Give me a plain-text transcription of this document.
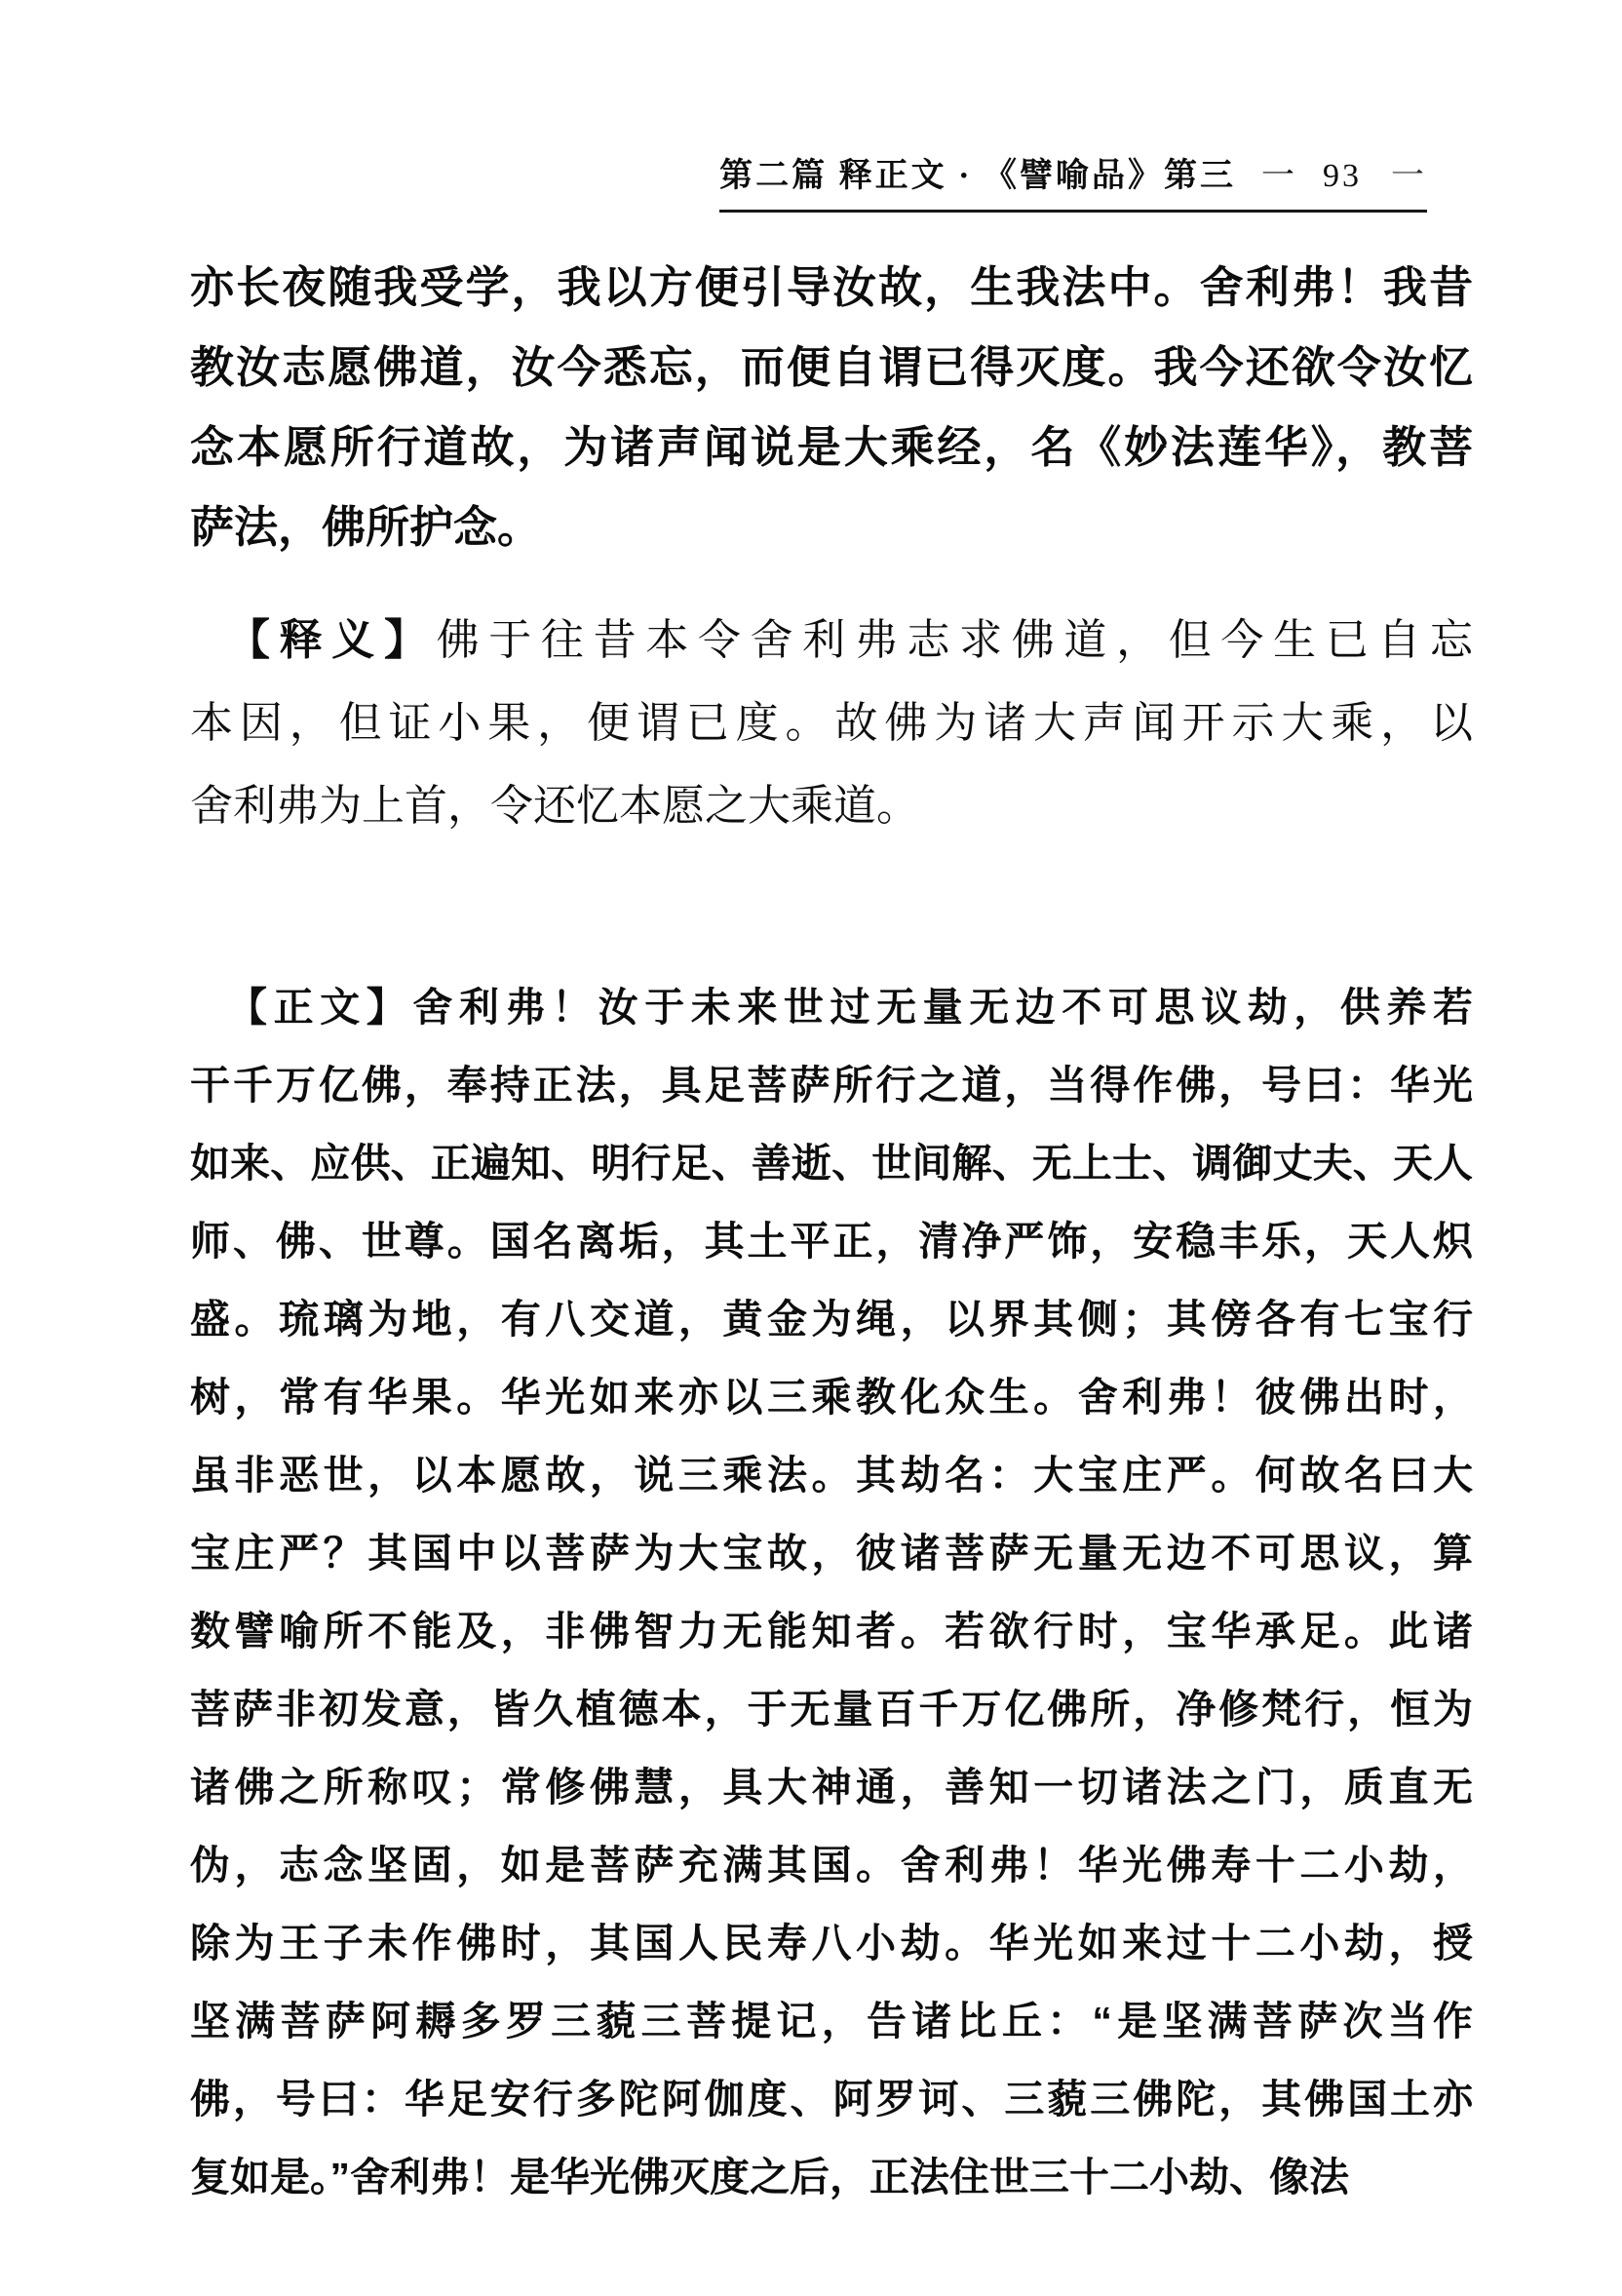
第二篇 释正文 · 《譬喻品》第三 一 93 一
亦长夜随我受学，我以方便引导汝故，生我法中。舍利弗！我昔
教汝志愿佛道，汝今悉忘，而便自谓已得灭度。我今还欲令汝忆
念本愿所行道故，为诸声闻说是大乘经，名《妙法莲华》，教菩
萨法，佛所护念。
【释义】佛于往昔本令舍利弗志求佛道，但今生已自忘
本因，但证小果，便谓已度。故佛为诸大声闻开示大乘，以
舍利弗为上首，令还忆本愿之大乘道。
【正文】舍利弗！汝于未来世过无量无边不可思议劫，供养若
干千万亿佛，奉持正法，具足菩萨所行之道，当得作佛，号曰：华光
如来、应供、正遍知、明行足、善逝、世间解、无上士、调御丈夫、天人
师、佛、世尊。国名离垢，其土平正，清净严饰，安稳丰乐，天人炽
盛。琉璃为地，有八交道，黄金为绳，以界其侧；其傍各有七宝行
树，常有华果。华光如来亦以三乘教化众生。舍利弗！彼佛出时，
虽非恶世，以本愿故，说三乘法。其劫名：大宝庄严。何故名曰大
宝庄严？其国中以菩萨为大宝故，彼诸菩萨无量无边不可思议，算
数譬喻所不能及，非佛智力无能知者。若欲行时，宝华承足。此诸
菩萨非初发意，皆久植德本，于无量百千万亿佛所，净修梵行，恒为
诸佛之所称叹；常修佛慧，具大神通，善知一切诸法之门，质直无
伪，志念坚固，如是菩萨充满其国。舍利弗！华光佛寿十二小劫，
除为王子未作佛时，其国人民寿八小劫。华光如来过十二小劫，授
坚满菩萨阿耨多罗三藐三菩提记，告诸比丘：“是坚满菩萨次当作
佛，号曰：华足安行多陀阿伽度、阿罗诃、三藐三佛陀，其佛国土亦
复如是。”舍利弗！是华光佛灭度之后，正法住世三十二小劫、像法
